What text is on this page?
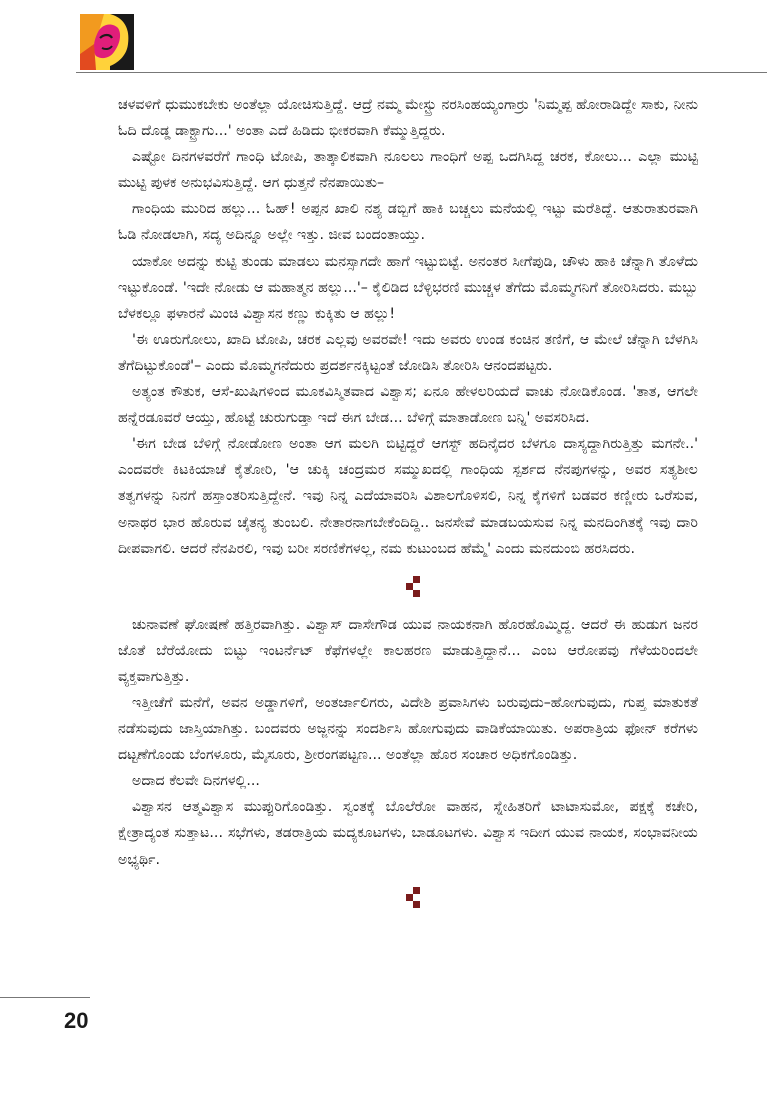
ಚಳವಳಿಗೆ ಧುಮುಕಬೇಕು ಅಂತೆಲ್ಲಾ ಯೋಚಿಸುತ್ತಿದ್ದೆ. ಆದ್ರೆ ನಮ್ಮ ಮೇಸ್ಟ್ರು ನರಸಿಂಹಯ್ಯಂಗಾರ್‍ರು 'ನಿಮ್ಮಪ್ಪ ಹೋರಾಡಿದ್ದೇ ಸಾಕು, ನೀನು ಓದಿ ದೊಡ್ಡ ಡಾಕ್ಟ್ರಾಗು...' ಅಂತಾ ಎದೆ ಹಿಡಿದು ಭೀಕರವಾಗಿ ಕೆಮ್ಮುತ್ತಿದ್ದರು.

ಎಷ್ಟೋ ದಿನಗಳವರೆಗೆ ಗಾಂಧಿ ಟೋಪಿ, ತಾತ್ಕಾಲಿಕವಾಗಿ ನೂಲಲು ಗಾಂಧಿಗೆ ಅಪ್ಪ ಒದಗಿಸಿದ್ದ ಚರಕ, ಕೋಲು... ಎಲ್ಲಾ ಮುಟ್ಟಿ ಮುಟ್ಟಿ ಪುಳಕ ಅನುಭವಿಸುತ್ತಿದ್ದೆ. ಆಗ ಧುತ್ತನೆ ನೆನಪಾಯಿತು–

ಗಾಂಧಿಯ ಮುರಿದ ಹಲ್ಲು... ಓಹ್! ಅಪ್ಪನ ಖಾಲಿ ನಶ್ಯ ಡಬ್ಬಿಗೆ ಹಾಕಿ ಬಚ್ಚಲು ಮನೆಯಲ್ಲಿ ಇಟ್ಟು ಮರೆತಿದ್ದೆ. ಆತುರಾತುರವಾಗಿ ಓಡಿ ನೋಡಲಾಗಿ, ಸದ್ಯ ಅದಿನ್ನೂ ಅಲ್ಲೇ ಇತ್ತು. ಜೀವ ಬಂದಂತಾಯ್ತು.

ಯಾಕೋ ಅದನ್ನು ಕುಟ್ಟಿ ತುಂಡು ಮಾಡಲು ಮನಸ್ಸಾಗದೇ ಹಾಗೆ ಇಟ್ಟುಬಿಟ್ಟೆ. ಅನಂತರ ಸೀಗೆಪುಡಿ, ಚೌಳು ಹಾಕಿ ಚೆನ್ನಾಗಿ ತೊಳೆದು ಇಟ್ಟುಕೊಂಡೆ. 'ಇದೇ ನೋಡು ಆ ಮಹಾತ್ಮನ ಹಲ್ಲು...'– ಕೈಲಿಡಿದ ಬೆಳ್ಳಿಭರಣಿ ಮುಚ್ಚಳ ತೆಗೆದು ಮೊಮ್ಮಗನಿಗೆ ತೋರಿಸಿದರು. ಮಬ್ಬು ಬೆಳಕಲ್ಲೂ ಫಳಾರನೆ ಮಿಂಚಿ ವಿಶ್ವಾಸನ ಕಣ್ಣು ಕುಕ್ಕಿತು ಆ ಹಲ್ಲು!

'ಈ ಊರುಗೋಲು, ಖಾದಿ ಟೋಪಿ, ಚರಕ ಎಲ್ಲವು ಅವರವೇ! ಇದು ಅವರು ಉಂಡ ಕಂಚಿನ ತಣಿಗೆ, ಆ ಮೇಲೆ ಚೆನ್ನಾಗಿ ಬೆಳಗಿಸಿ ತೆಗೆದಿಟ್ಟುಕೊಂಡೆ'– ಎಂದು ಮೊಮ್ಮಗನೆದುರು ಪ್ರದರ್ಶನಕ್ಕಿಟ್ಟಂತೆ ಜೋಡಿಸಿ ತೋರಿಸಿ ಆನಂದಪಟ್ಟರು.

ಅತ್ಯಂತ ಕೌತುಕ, ಆಸೆ-ಖುಷಿಗಳಿಂದ ಮೂಕವಿಸ್ಮಿತವಾದ ವಿಶ್ವಾಸ; ಏನೂ ಹೇಳಲರಿಯದೆ ವಾಚು ನೋಡಿಕೊಂಡ. 'ತಾತ, ಆಗಲೇ ಹನ್ನೆರಡೂವರೆ ಆಯ್ತು, ಹೊಟ್ಟೆ ಚುರುಗುಡ್ತಾ ಇದೆ ಈಗ ಬೇಡ... ಬೆಳಿಗ್ಗೆ ಮಾತಾಡೋಣ ಬನ್ನಿ' ಅವಸರಿಸಿದ.

'ಈಗ ಬೇಡ ಬೆಳಿಗ್ಗೆ ನೋಡೋಣ ಅಂತಾ ಆಗ ಮಲಗಿ ಬಿಟ್ಟಿದ್ದರೆ ಆಗಸ್ಟ್ ಹದಿನೈದರ ಬೆಳಗೂ ದಾಸ್ಯದ್ದಾಗಿರುತ್ತಿತ್ತು ಮಗನೇ..' ಎಂದವರೇ ಕಿಟಕಿಯಾಚೆ ಕೈತೋರಿ, 'ಆ ಚುಕ್ಕಿ ಚಂದ್ರಮರ ಸಮ್ಮುಖದಲ್ಲಿ ಗಾಂಧಿಯ ಸ್ಪರ್ಶದ ನೆನಪುಗಳನ್ನು, ಅವರ ಸತ್ಯಶೀಲ ತತ್ವಗಳನ್ನು ನಿನಗೆ ಹಸ್ತಾಂತರಿಸುತ್ತಿದ್ದೇನೆ. ಇವು ನಿನ್ನ ಎದೆಯಾವರಿಸಿ ವಿಶಾಲಗೊಳಿಸಲಿ, ನಿನ್ನ ಕೈಗಳಿಗೆ ಬಡವರ ಕಣ್ಣೀರು ಒರೆಸುವ, ಅನಾಥರ ಭಾರ ಹೊರುವ ಚೈತನ್ಯ ತುಂಬಲಿ. ನೇತಾರನಾಗಬೇಕೆಂದಿದ್ದಿ.. ಜನಸೇವೆ ಮಾಡಬಯಸುವ ನಿನ್ನ ಮನದಿಂಗಿತಕ್ಕೆ ಇವು ದಾರಿ ದೀಪವಾಗಲಿ. ಆದರೆ ನೆನಪಿರಲಿ, ಇವು ಬರೀ ಸರಣಿಕೆಗಳಲ್ಲ, ನಮ ಕುಟುಂಬದ ಹೆಮ್ಮೆ' ಎಂದು ಮನದುಂಬಿ ಹರಸಿದರು.

ಚುನಾವಣೆ ಘೋಷಣೆ ಹತ್ತಿರವಾಗಿತ್ತು. ವಿಶ್ವಾಸ್ ದಾಸೇಗೌಡ ಯುವ ನಾಯಕನಾಗಿ ಹೊರಹೊಮ್ಮಿದ್ದ. ಆದರೆ ಈ ಹುಡುಗ ಜನರ ಜೊತೆ ಬೆರೆಯೋದು ಬಿಟ್ಟು ಇಂಟರ್ನೆಟ್ ಕೆಫೆಗಳಲ್ಲೇ ಕಾಲಹರಣ ಮಾಡುತ್ತಿದ್ದಾನೆ... ಎಂಬ ಆರೋಪವು ಗೆಳೆಯರಿಂದಲೇ ವ್ಯಕ್ತವಾಗುತ್ತಿತ್ತು.

ಇತ್ತೀಚೆಗೆ ಮನೆಗೆ, ಅವನ ಅಡ್ಡಾಗಳಿಗೆ, ಅಂತರ್ಜಾಲಿಗರು, ವಿದೇಶಿ ಪ್ರವಾಸಿಗಳು ಬರುವುದು–ಹೋಗುವುದು, ಗುಪ್ತ ಮಾತುಕತೆ ನಡೆಸುವುದು ಜಾಸ್ತಿಯಾಗಿತ್ತು. ಬಂದವರು ಅಜ್ಜನನ್ನು ಸಂದರ್ಶಿಸಿ ಹೋಗುವುದು ವಾಡಿಕೆಯಾಯಿತು. ಅಪರಾತ್ರಿಯ ಫೋನ್ ಕರೆಗಳು ದಟ್ಟಣೆಗೊಂಡು ಬೆಂಗಳೂರು, ಮೈಸೂರು, ಶ್ರೀರಂಗಪಟ್ಟಣ... ಅಂತೆಲ್ಲಾ ಹೊರ ಸಂಚಾರ ಅಧಿಕಗೊಂಡಿತ್ತು.

ಅದಾದ ಕೆಲವೇ ದಿನಗಳಲ್ಲಿ...

ವಿಶ್ವಾಸನ ಆತ್ಮವಿಶ್ವಾಸ ಮುಪ್ಪುರಿಗೊಂಡಿತ್ತು. ಸ್ವಂತಕ್ಕೆ ಬೊಲೆರೋ ವಾಹನ, ಸ್ನೇಹಿತರಿಗೆ ಟಾಟಾಸುಮೋ, ಪಕ್ಷಕ್ಕೆ ಕಚೇರಿ, ಕ್ಷೇತ್ರಾದ್ಯಂತ ಸುತ್ತಾಟ... ಸಭೆಗಳು, ತಡರಾತ್ರಿಯ ಮದ್ಯಕೂಟಗಳು, ಬಾಡೂಟಗಳು. ವಿಶ್ವಾಸ ಇದೀಗ ಯುವ ನಾಯಕ, ಸಂಭಾವನೀಯ ಅಭ್ಯರ್ಥಿ.

20
